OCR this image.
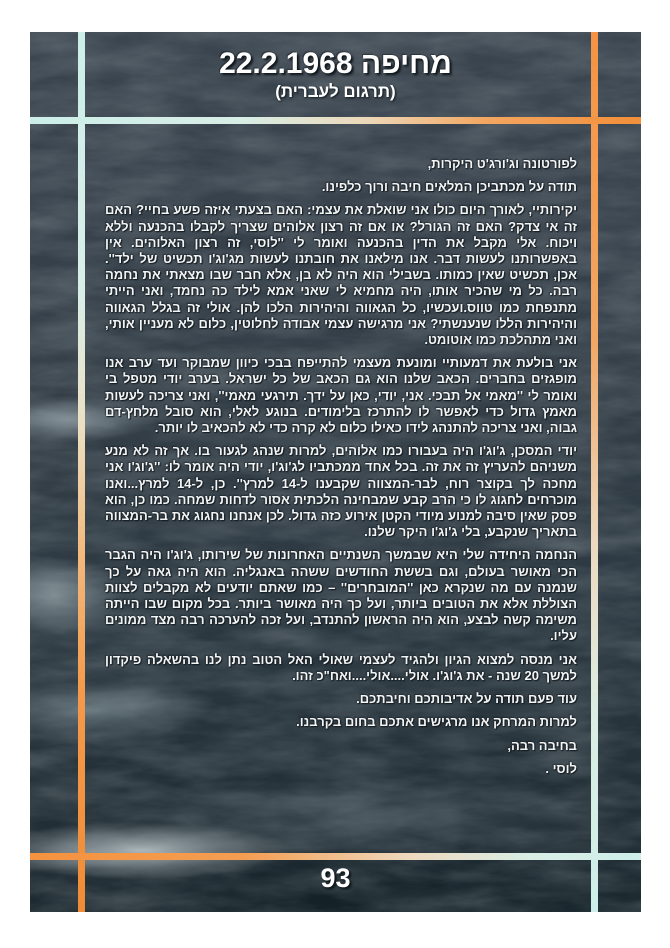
מחיפה 22.2.1968
(תרגום לעברית)

לפורטונה וג'ורג'ט היקרות,

תודה על מכתביכן המלאים חיבה ורוך כלפינו.

יקירותיי, לאורך היום כולו אני שואלת את עצמי: האם בצעתי איזה פשע בחיי? האם זה אי צדק? האם זה הגורל? או אם זה רצון אלוהים שצריך לקבלו בהכנעה וללא ויכוח. אלי מקבל את הדין בהכנעה ואומר לי ''לוסי, זה רצון האלוהים. אין באפשרותנו לעשות דבר. אנו מילאנו את חובתנו לעשות מג'וג'ו תכשיט של ילד''. אכן, תכשיט שאין כמותו. בשבילי הוא היה לא בן, אלא חבר שבו מצאתי את נחמה רבה. כל מי שהכיר אותו, היה מחמיא לי שאני אמא לילד כה נחמד, ואני הייתי מתנפחת כמו טווס.ועכשיו, כל הגאווה והיהירות הלכו להן. אולי זה בגלל הגאווה והיהירות הללו שנענשתי? אני מרגישה עצמי אבודה לחלוטין, כלום לא מעניין אותי, ואני מתהלכת כמו אוטומט.

אני בולעת את דמעותיי ומונעת מעצמי להתייפח בבכי כיוון שמבוקר ועד ערב אנו מופגזים בחברים. הכאב שלנו הוא גם הכאב של כל ישראל. בערב יודי מטפל בי ואומר לי ''מאמי אל תבכי. אני, יודי, כאן על ידך. תירגעי מאמי'', ואני צריכה לעשות מאמץ גדול כדי לאפשר לו להתרכז בלימודים. בנוגע לאלי, הוא סובל מלחץ-דם גבוה, ואני צריכה להתנהג לידו כאילו כלום לא קרה כדי לא להכאיב לו יותר.

יודי המסכן, ג'וג'ו היה בעבורו כמו אלוהים, למרות שנהג לגעור בו. אך זה לא מנע משניהם להעריץ זה את זה. בכל אחד ממכתביו לג'וג'ו, יודי היה אומר לו: ''ג'וג'ו אני מחכה לך בקוצר רוח, לבר-המצווה שקבענו ל-14 למרץ''. כן, ל-14 למרץ...ואנו מוכרחים לחגוג לו כי הרב קבע שמבחינה הלכתית אסור לדחות שמחה. כמו כן, הוא פסק שאין סיבה למנוע מיודי הקטן אירוע כזה גדול. לכן אנחנו נחגוג את בר-המצווה בתאריך שנקבע, בלי ג'וג'ו היקר שלנו.

הנחמה היחידה שלי היא שבמשך השנתיים האחרונות של שירותו, ג'וג'ו היה הגבר הכי מאושר בעולם, וגם בששת החודשים ששהה באנגליה. הוא היה גאה על כך שנמנה עם מה שנקרא כאן ''המובחרים'' – כמו שאתם יודעים לא מקבלים לצוות הצוללת אלא את הטובים ביותר, ועל כך היה מאושר ביותר. בכל מקום שבו הייתה משימה קשה לבצע, הוא היה הראשון להתנדב, ועל זכה להערכה רבה מצד ממונים עליו.

אני מנסה למצוא הגיון ולהגיד לעצמי שאולי האל הטוב נתן לנו בהשאלה פיקדון למשך 20 שנה - את ג'וג'ו. אולי....אולי....ואח"כ זהו.

עוד פעם תודה על אדיבותכם וחיבתכם.

למרות המרחק אנו מרגישים אתכם בחום בקרבנו.

בחיבה רבה,

לוסי .

93
